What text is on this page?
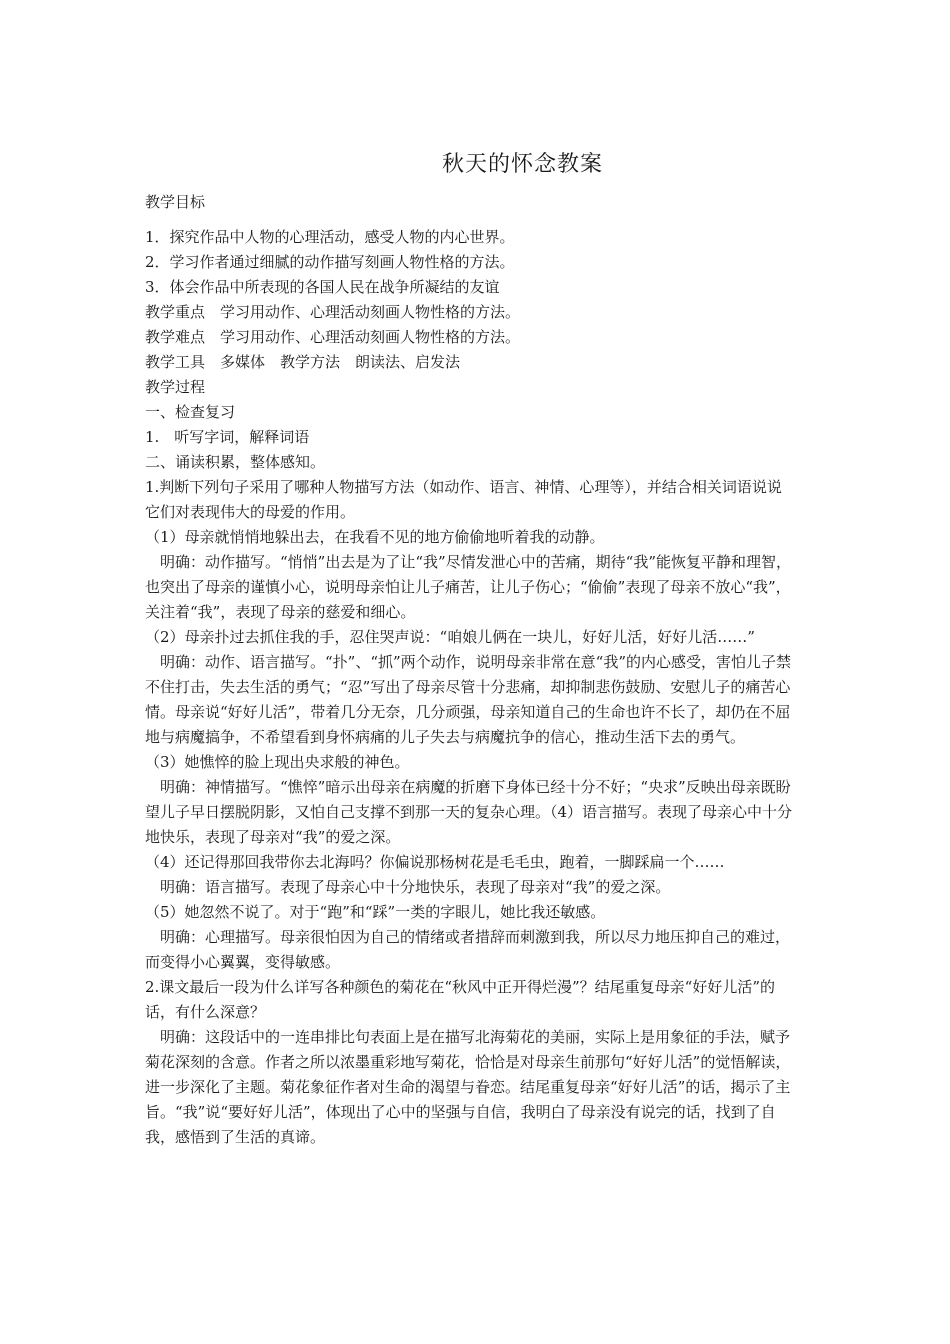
秋天的怀念教案

教学目标

1．探究作品中人物的心理活动，感受人物的内心世界。

2．学习作者通过细腻的动作描写刻画人物性格的方法。

3．体会作品中所表现的各国人民在战争所凝结的友谊

教学重点　学习用动作、心理活动刻画人物性格的方法。

教学难点　学习用动作、心理活动刻画人物性格的方法。

教学工具　多媒体　教学方法　朗读法、启发法

教学过程

一、检查复习

1.　听写字词，解释词语

二、诵读积累，整体感知。

1.判断下列句子采用了哪种人物描写方法（如动作、语言、神情、心理等），并结合相关词语说说它们对表现伟大的母爱的作用。

（1）母亲就悄悄地躲出去，在我看不见的地方偷偷地听着我的动静。

　明确：动作描写。“悄悄”出去是为了让“我”尽情发泄心中的苦痛，期待“我”能恢复平静和理智，也突出了母亲的谨慎小心，说明母亲怕让儿子痛苦，让儿子伤心；“偷偷”表现了母亲不放心“我”，关注着“我”，表现了母亲的慈爱和细心。

（2）母亲扑过去抓住我的手，忍住哭声说：“咱娘儿俩在一块儿，好好儿活，好好儿活……”

　明确：动作、语言描写。“扑”、“抓”两个动作，说明母亲非常在意“我”的内心感受，害怕儿子禁不住打击，失去生活的勇气；“忍”写出了母亲尽管十分悲痛，却抑制悲伤鼓励、安慰儿子的痛苦心情。母亲说“好好儿活”，带着几分无奈，几分顽强，母亲知道自己的生命也许不长了，却仍在不屈地与病魔搞争，不希望看到身怀病痛的儿子失去与病魔抗争的信心，推动生活下去的勇气。

（3）她憔悴的脸上现出央求般的神色。

　明确：神情描写。“憔悴”暗示出母亲在病魔的折磨下身体已经十分不好；“央求”反映出母亲既盼望儿子早日摆脱阴影，又怕自己支撑不到那一天的复杂心理。（4）语言描写。表现了母亲心中十分地快乐，表现了母亲对“我”的爱之深。

（4）还记得那回我带你去北海吗？你偏说那杨树花是毛毛虫，跑着，一脚踩扁一个……

　明确：语言描写。表现了母亲心中十分地快乐，表现了母亲对“我”的爱之深。

（5）她忽然不说了。对于“跑”和“踩”一类的字眼儿，她比我还敏感。

　明确：心理描写。母亲很怕因为自己的情绪或者措辞而刺激到我，所以尽力地压抑自己的难过，而变得小心翼翼，变得敏感。

2.课文最后一段为什么详写各种颜色的菊花在“秋风中正开得烂漫”？结尾重复母亲“好好儿活”的话，有什么深意？

　明确：这段话中的一连串排比句表面上是在描写北海菊花的美丽，实际上是用象征的手法，赋予菊花深刻的含意。作者之所以浓墨重彩地写菊花，恰恰是对母亲生前那句“好好儿活”的觉悟解读，进一步深化了主题。菊花象征作者对生命的渴望与眷恋。结尾重复母亲“好好儿活”的话，揭示了主旨。“我”说“要好好儿活”，体现出了心中的坚强与自信，我明白了母亲没有说完的话，找到了自我，感悟到了生活的真谛。
